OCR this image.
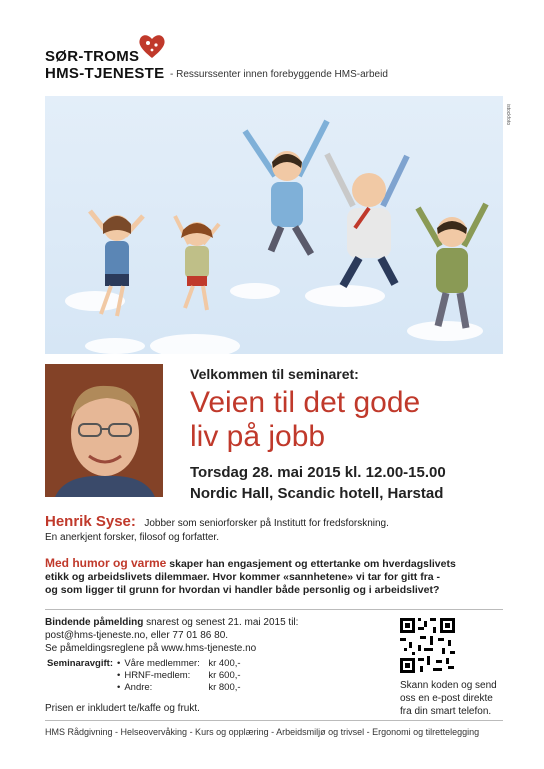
SØR-TROMS
HMS-TJENESTE - Ressurssenter innen forebyggende HMS-arbeid
istockfoto
Velkommen til seminaret:
Veien til det gode
liv på jobb
Torsdag 28. mai 2015 kl. 12.00-15.00
Nordic Hall, Scandic hotell, Harstad
Henrik Syse: Jobber som seniorforsker på Institutt for fredsforskning.
En anerkjent forsker, filosof og forfatter.
Med humor og varme skaper han engasjement og ettertanke om hverdagslivets
etikk og arbeidslivets dilemmaer. Hvor kommer «sannhetene» vi tar for gitt fra -
og som ligger til grunn for hvordan vi handler både personlig og i arbeidslivet?
Bindende påmelding snarest og senest 21. mai 2015 til:
post@hms-tjeneste.no, eller 77 01 86 80.
Se påmeldingsreglene på www.hms-tjeneste.no
Seminaravgift:	•	Våre medlemmer:	kr 400,-
	•	HRNF-medlem:	kr 600,-
	•	Andre:	kr 800,-
Prisen er inkludert te/kaffe og frukt.
Skann koden og send
oss en e-post direkte
fra din smart telefon.
HMS Rådgivning - Helseovervåking - Kurs og opplæring - Arbeidsmiljø og trivsel - Ergonomi og tilrettelegging
